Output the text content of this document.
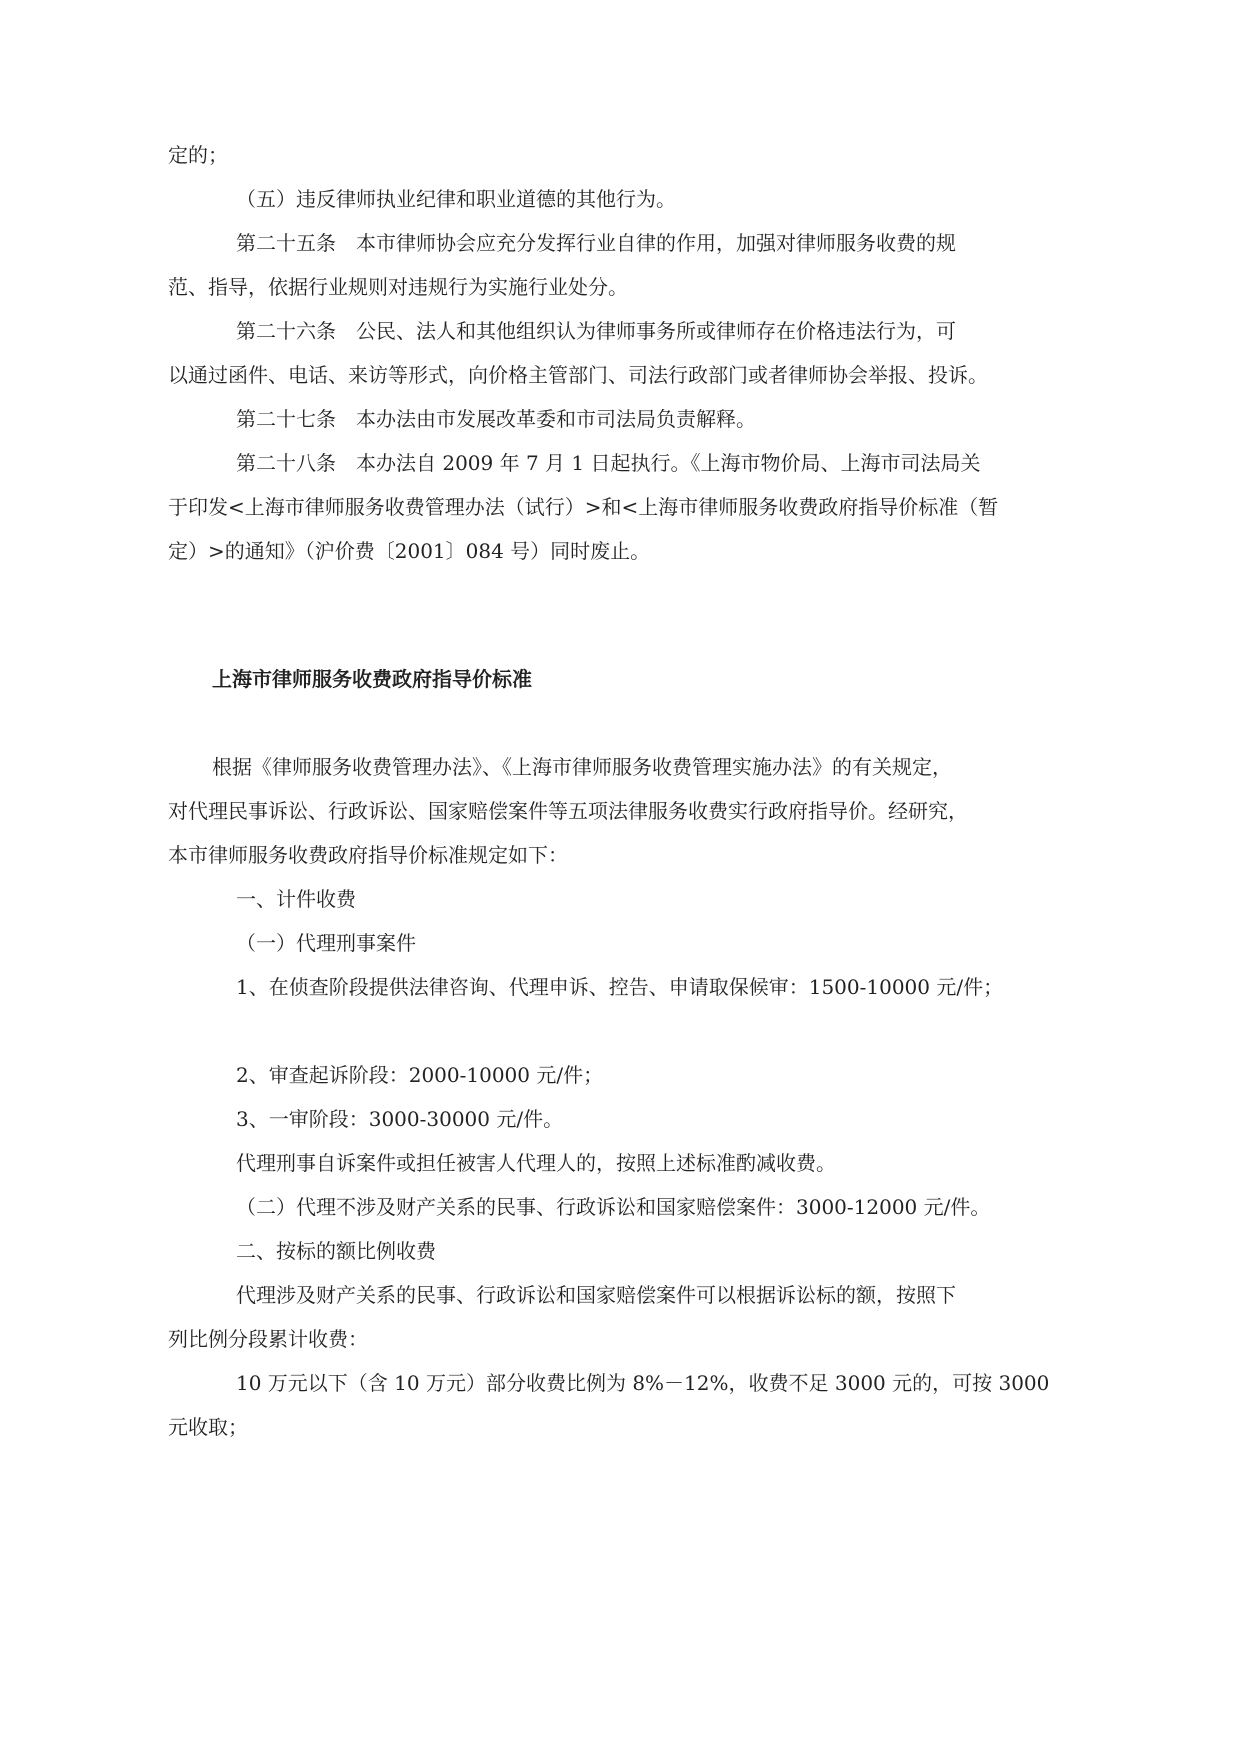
定的；

（五）违反律师执业纪律和职业道德的其他行为。

第二十五条　本市律师协会应充分发挥行业自律的作用，加强对律师服务收费的规

范、指导，依据行业规则对违规行为实施行业处分。

第二十六条　公民、法人和其他组织认为律师事务所或律师存在价格违法行为，可

以通过函件、电话、来访等形式，向价格主管部门、司法行政部门或者律师协会举报、投诉。

第二十七条　本办法由市发展改革委和市司法局负责解释。

第二十八条　本办法自 2009 年 7 月 1 日起执行。《上海市物价局、上海市司法局关

于印发<上海市律师服务收费管理办法（试行）>和<上海市律师服务收费政府指导价标准（暂

定）>的通知》（沪价费〔2001〕084 号）同时废止。

上海市律师服务收费政府指导价标准

根据《律师服务收费管理办法》、《上海市律师服务收费管理实施办法》的有关规定，

对代理民事诉讼、行政诉讼、国家赔偿案件等五项法律服务收费实行政府指导价。经研究，

本市律师服务收费政府指导价标准规定如下：

一、计件收费

（一）代理刑事案件

1、在侦查阶段提供法律咨询、代理申诉、控告、申请取保候审：1500-10000 元/件；

2、审查起诉阶段：2000-10000 元/件；

3、一审阶段：3000-30000 元/件。

代理刑事自诉案件或担任被害人代理人的，按照上述标准酌减收费。

（二）代理不涉及财产关系的民事、行政诉讼和国家赔偿案件：3000-12000 元/件。

二、按标的额比例收费

代理涉及财产关系的民事、行政诉讼和国家赔偿案件可以根据诉讼标的额，按照下

列比例分段累计收费：

10 万元以下（含 10 万元）部分收费比例为 8%－12%，收费不足 3000 元的，可按 3000

元收取；
